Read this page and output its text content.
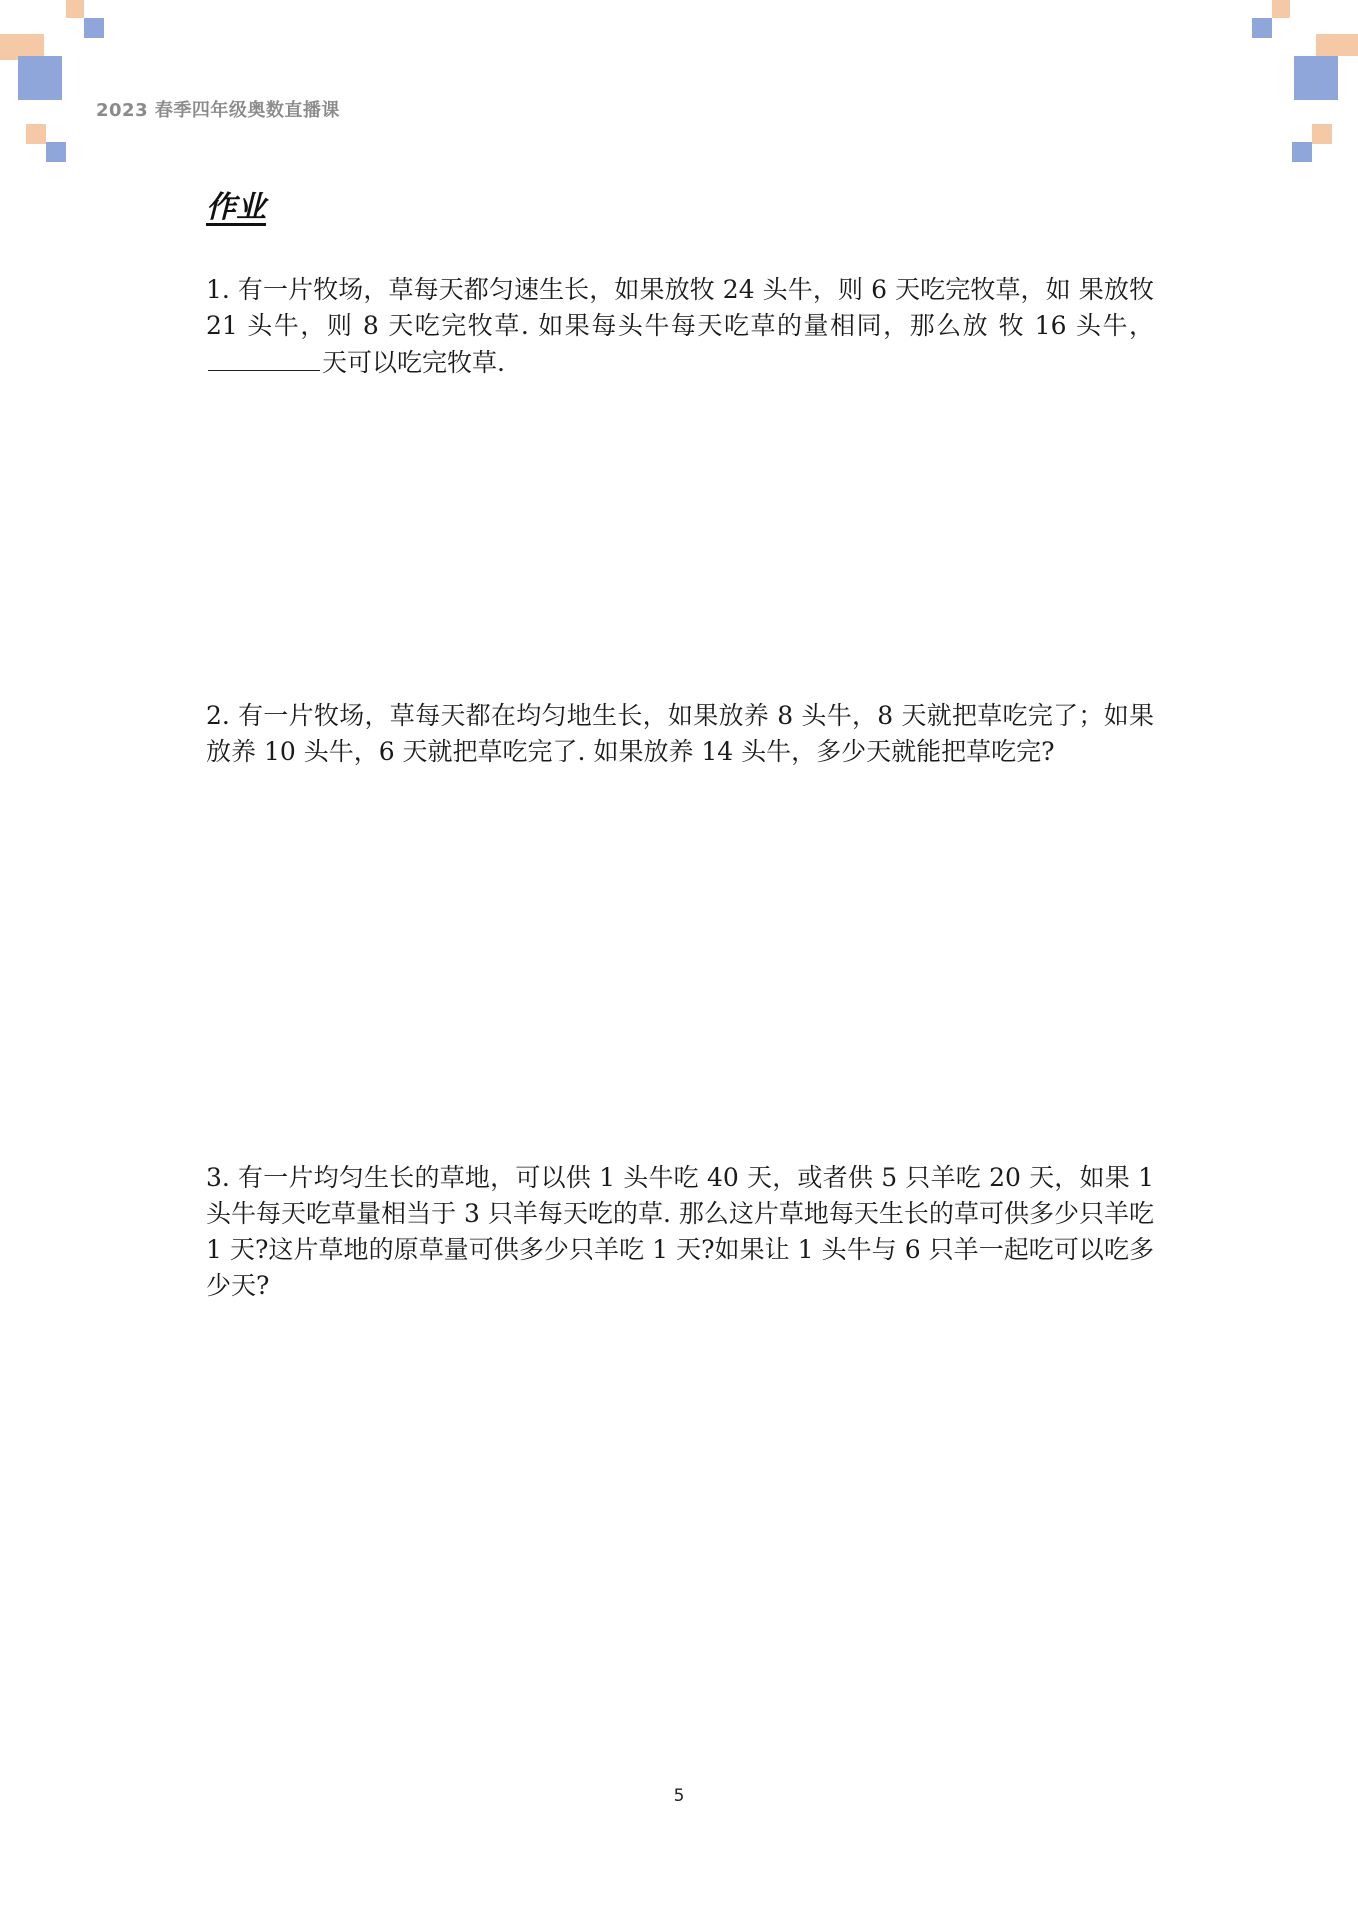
2023 春季四年级奥数直播课
作业
1. 有一片牧场，草每天都匀速生长，如果放牧 24 头牛，则 6 天吃完牧草，如 果放牧 21 头牛，则 8 天吃完牧草. 如果每头牛每天吃草的量相同，那么放 牧 16 头牛，天可以吃完牧草.
2. 有一片牧场，草每天都在均匀地生长，如果放养 8 头牛，8 天就把草吃完了；如果放养 10 头牛，6 天就把草吃完了. 如果放养 14 头牛，多少天就能把草吃完?
3. 有一片均匀生长的草地，可以供 1 头牛吃 40 天，或者供 5 只羊吃 20 天，如果 1 头牛每天吃草量相当于 3 只羊每天吃的草. 那么这片草地每天生长的草可供多少只羊吃 1 天?这片草地的原草量可供多少只羊吃 1 天?如果让 1 头牛与 6 只羊一起吃可以吃多少天?
5
